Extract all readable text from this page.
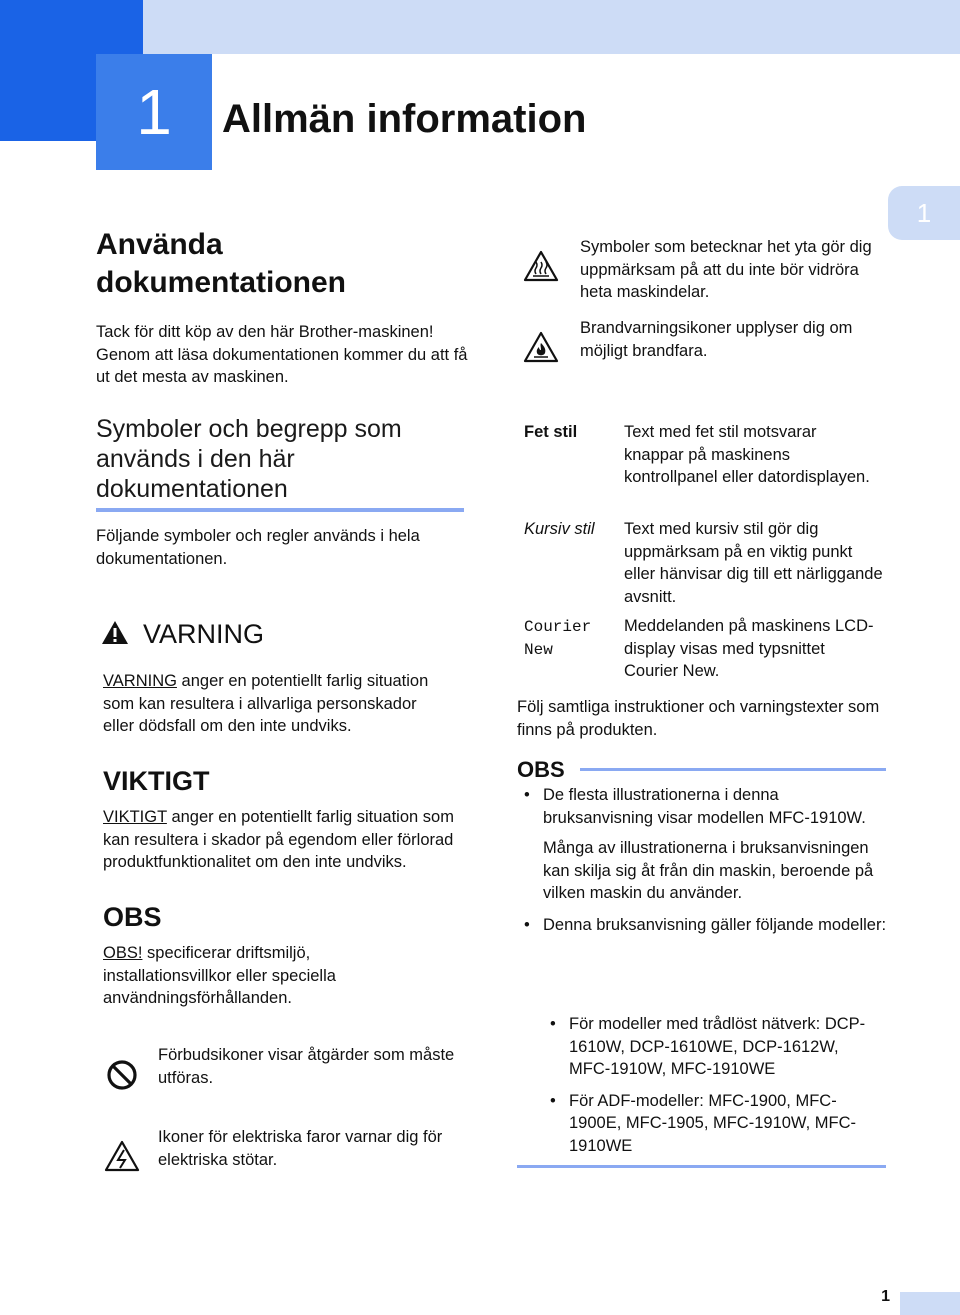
1	Allmän information
1
Använda dokumentationen

Tack för ditt köp av den här Brother-maskinen! Genom att läsa dokumentationen kommer du att få ut det mesta av maskinen.

Symboler och begrepp som används i den här dokumentationen

Följande symboler och regler används i hela dokumentationen.

VARNING

VARNING anger en potentiellt farlig situation som kan resultera i allvarliga personskador eller dödsfall om den inte undviks.

VIKTIGT

VIKTIGT anger en potentiellt farlig situation som kan resultera i skador på egendom eller förlorad produktfunktionalitet om den inte undviks.

OBS

OBS! specificerar driftsmiljö, installationsvillkor eller speciella användningsförhållanden.

Förbudsikoner visar åtgärder som måste utföras.

Ikoner för elektriska faror varnar dig för elektriska stötar.

Symboler som betecknar het yta gör dig uppmärksam på att du inte bör vidröra heta maskindelar.

Brandvarningsikoner upplyser dig om möjligt brandfara.

Fet stil	Text med fet stil motsvarar knappar på maskinens kontrollpanel eller datordisplayen.

Kursiv stil Text med kursiv stil gör dig uppmärksam på en viktig punkt eller hänvisar dig till ett närliggande avsnitt.

Courier New

Meddelanden på maskinens LCD-display visas med typsnittet Courier New.

Följ samtliga instruktioner och varningstexter som finns på produkten.

OBS
• De flesta illustrationerna i denna bruksanvisning visar modellen MFC-1910W.
Många av illustrationerna i bruksanvisningen kan skilja sig åt från din maskin, beroende på vilken maskin du använder.
• Denna bruksanvisning gäller följande modeller:
• För modeller med trådlöst nätverk: DCP-1610W, DCP-1610WE, DCP-1612W, MFC-1910W, MFC-1910WE
• För ADF-modeller: MFC-1900, MFC-1900E, MFC-1905, MFC-1910W, MFC-1910WE
1
